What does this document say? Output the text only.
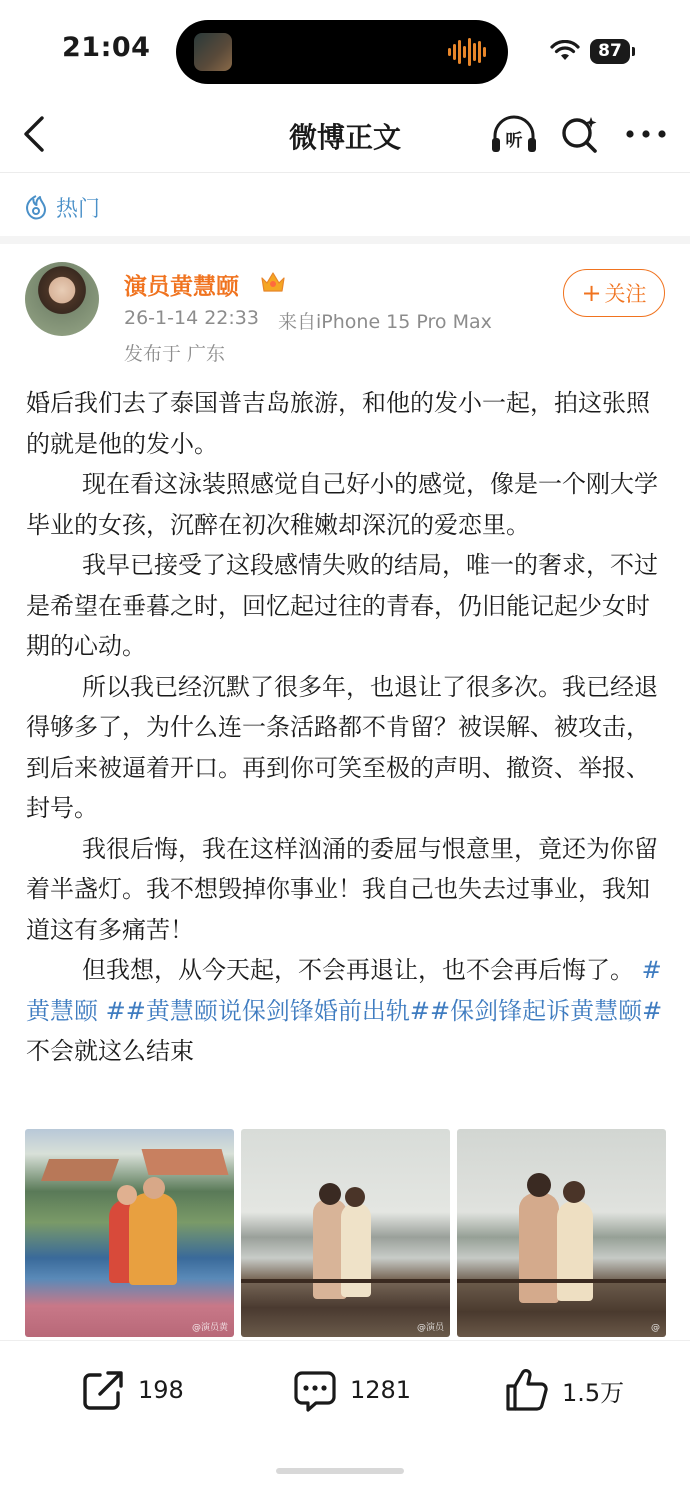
21:04	87
微博正文	听
热门
演员黄慧颐
26-1-14 22:33 来自iPhone 15 Pro Max
发布于 广东
+ 关注

婚后我们去了泰国普吉岛旅游，和他的发小一起，拍这张照的就是他的发小。

现在看这泳装照感觉自己好小的感觉，像是一个刚大学毕业的女孩，沉醉在初次稚嫩却深沉的爱恋里。

我早已接受了这段感情失败的结局，唯一的奢求，不过是希望在垂暮之时，回忆起过往的青春，仍旧能记起少女时期的心动。

所以我已经沉默了很多年，也退让了很多次。我已经退得够多了，为什么连一条活路都不肯留？被误解、被攻击，到后来被逼着开口。再到你可笑至极的声明、撤资、举报、封号。

我很后悔，我在这样汹涌的委屈与恨意里，竟还为你留着半盏灯。我不想毁掉你事业！我自己也失去过事业，我知道这有多痛苦！

但我想，从今天起，不会再退让，也不会再后悔了。 #黄慧颐 ##黄慧颐说保剑锋婚前出轨##保剑锋起诉黄慧颐# 不会就这么结束

@演员黄	@演员	@
198	1281	1.5万
